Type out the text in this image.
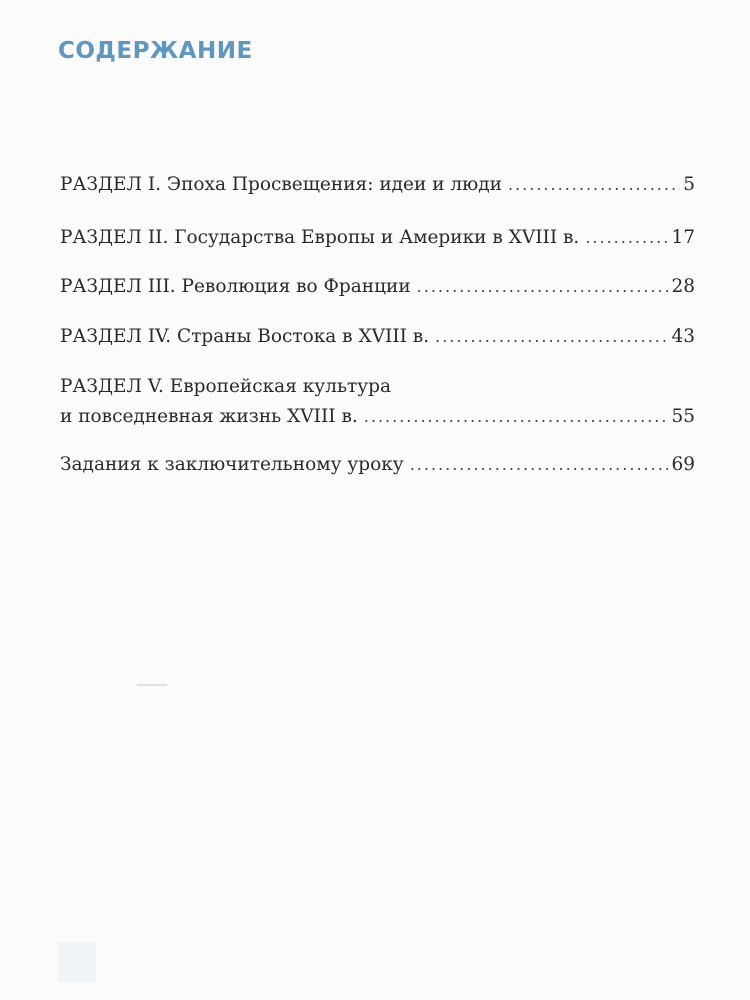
СОДЕРЖАНИЕ
РАЗДЕЛ I. Эпоха Просвещения: идеи и люди .....	5
РАЗДЕЛ II. Государства Европы и Америки в XVIII в. .....	17
РАЗДЕЛ III. Революция во Франции .....	28
РАЗДЕЛ IV. Страны Востока в XVIII в. .....	43
РАЗДЕЛ V. Европейская культура
и повседневная жизнь XVIII в. .....	55
Задания к заключительному уроку .....	69
